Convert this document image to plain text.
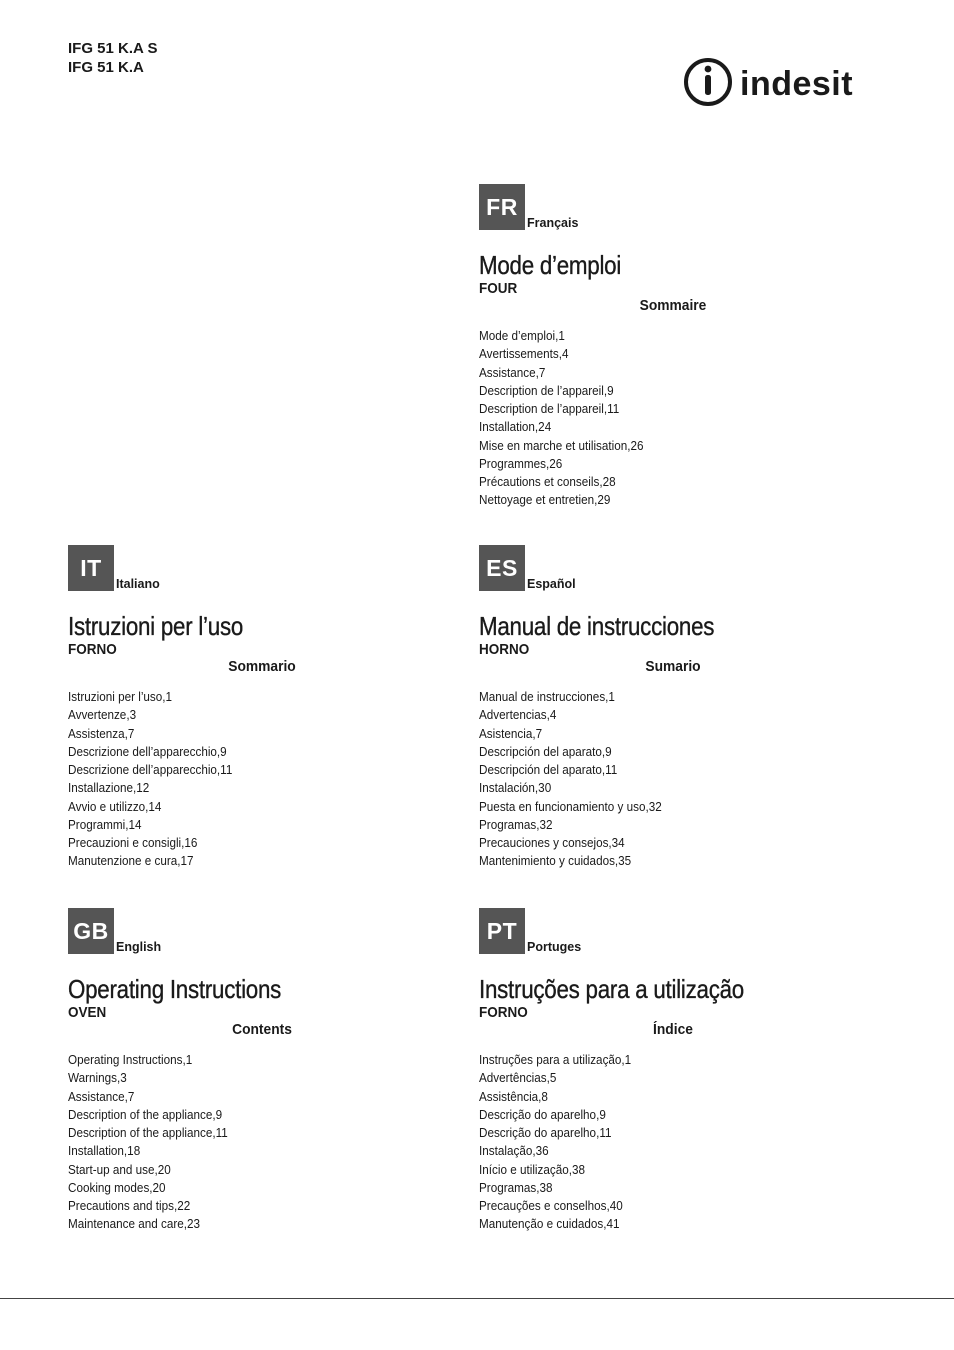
IFG 51 K.A S
IFG 51 K.A	indesit
FR
Français
Mode d’emploi
FOUR
Sommaire
Mode d’emploi,1
Avertissements,4
Assistance,7
Description de l’appareil,9
Description de l’appareil,11
Installation,24
Mise en marche et utilisation,26
Programmes,26
Précautions et conseils,28
Nettoyage et entretien,29
IT
Italiano
Istruzioni per l’uso
FORNO
Sommario
Istruzioni per l’uso,1
Avvertenze,3
Assistenza,7
Descrizione dell’apparecchio,9
Descrizione dell’apparecchio,11
Installazione,12
Avvio e utilizzo,14
Programmi,14
Precauzioni e consigli,16
Manutenzione e cura,17
ES
Español
Manual de instrucciones
HORNO
Sumario
Manual de instrucciones,1
Advertencias,4
Asistencia,7
Descripción del aparato,9
Descripción del aparato,11
Instalación,30
Puesta en funcionamiento y uso,32
Programas,32
Precauciones y consejos,34
Mantenimiento y cuidados,35
GB
English
Operating Instructions
OVEN
Contents
Operating Instructions,1
Warnings,3
Assistance,7
Description of the appliance,9
Description of the appliance,11
Installation,18
Start-up and use,20
Cooking modes,20
Precautions and tips,22
Maintenance and care,23
PT
Portuges
Instruções para a utilização
FORNO
Índice
Instruções para a utilização,1
Advertências,5
Assistência,8
Descrição do aparelho,9
Descrição do aparelho,11
Instalação,36
Início e utilização,38
Programas,38
Precauções e conselhos,40
Manutenção e cuidados,41
